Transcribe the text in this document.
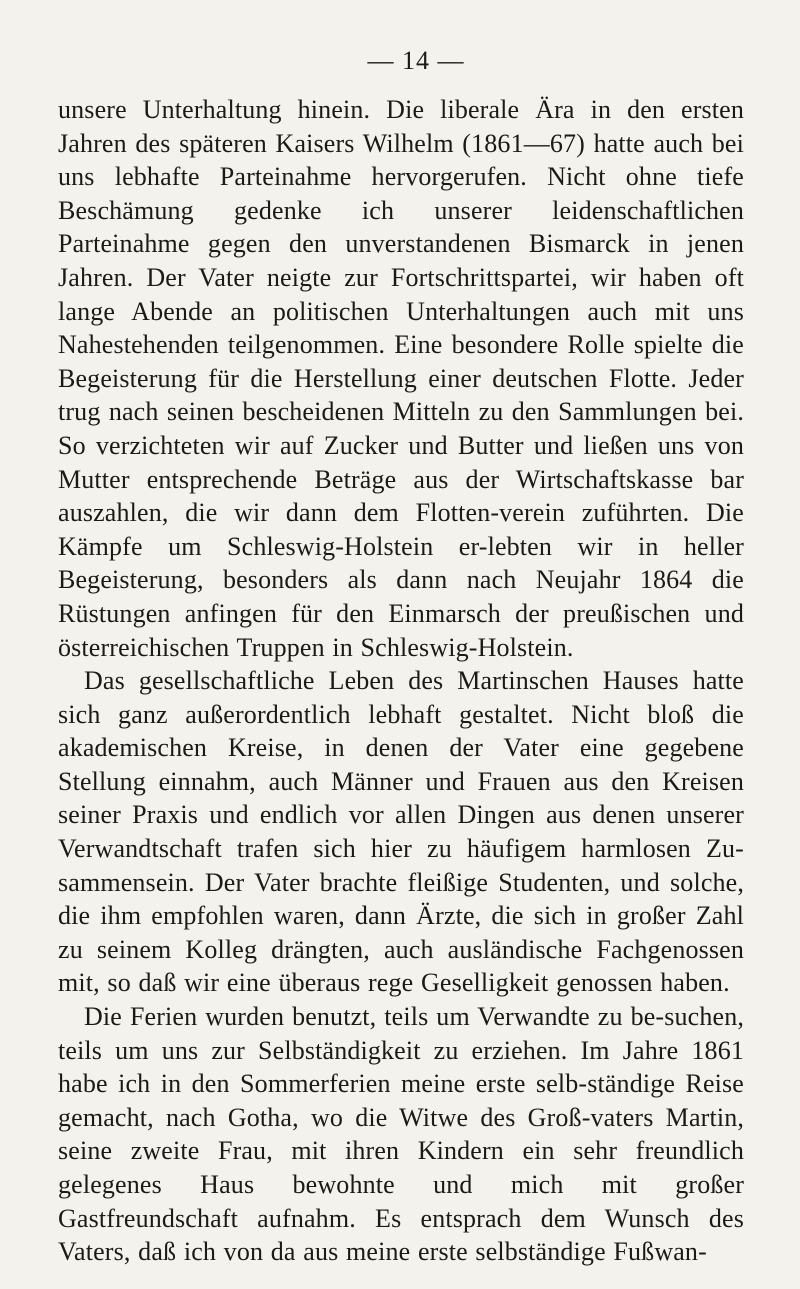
— 14 —

unsere Unterhaltung hinein. Die liberale Ära in den ersten Jahren des späteren Kaisers Wilhelm (1861—67) hatte auch bei uns lebhafte Parteinahme hervorgerufen. Nicht ohne tiefe Beschämung gedenke ich unserer leidenschaftlichen Parteinahme gegen den unverstandenen Bismarck in jenen Jahren. Der Vater neigte zur Fortschrittspartei, wir haben oft lange Abende an politischen Unterhaltungen auch mit uns Nahestehenden teilgenommen. Eine besondere Rolle spielte die Begeisterung für die Herstellung einer deutschen Flotte. Jeder trug nach seinen bescheidenen Mitteln zu den Sammlungen bei. So verzichteten wir auf Zucker und Butter und ließen uns von Mutter entsprechende Beträge aus der Wirtschaftskasse bar auszahlen, die wir dann dem Flotten-verein zuführten. Die Kämpfe um Schleswig-Holstein er-lebten wir in heller Begeisterung, besonders als dann nach Neujahr 1864 die Rüstungen anfingen für den Einmarsch der preußischen und österreichischen Truppen in Schleswig-Holstein.

Das gesellschaftliche Leben des Martinschen Hauses hatte sich ganz außerordentlich lebhaft gestaltet. Nicht bloß die akademischen Kreise, in denen der Vater eine gegebene Stellung einnahm, auch Männer und Frauen aus den Kreisen seiner Praxis und endlich vor allen Dingen aus denen unserer Verwandtschaft trafen sich hier zu häufigem harmlosen Zu-sammensein. Der Vater brachte fleißige Studenten, und solche, die ihm empfohlen waren, dann Ärzte, die sich in großer Zahl zu seinem Kolleg drängten, auch ausländische Fachgenossen mit, so daß wir eine überaus rege Geselligkeit genossen haben.

Die Ferien wurden benutzt, teils um Verwandte zu be-suchen, teils um uns zur Selbständigkeit zu erziehen. Im Jahre 1861 habe ich in den Sommerferien meine erste selb-ständige Reise gemacht, nach Gotha, wo die Witwe des Groß-vaters Martin, seine zweite Frau, mit ihren Kindern ein sehr freundlich gelegenes Haus bewohnte und mich mit großer Gastfreundschaft aufnahm. Es entsprach dem Wunsch des Vaters, daß ich von da aus meine erste selbständige Fußwan-
